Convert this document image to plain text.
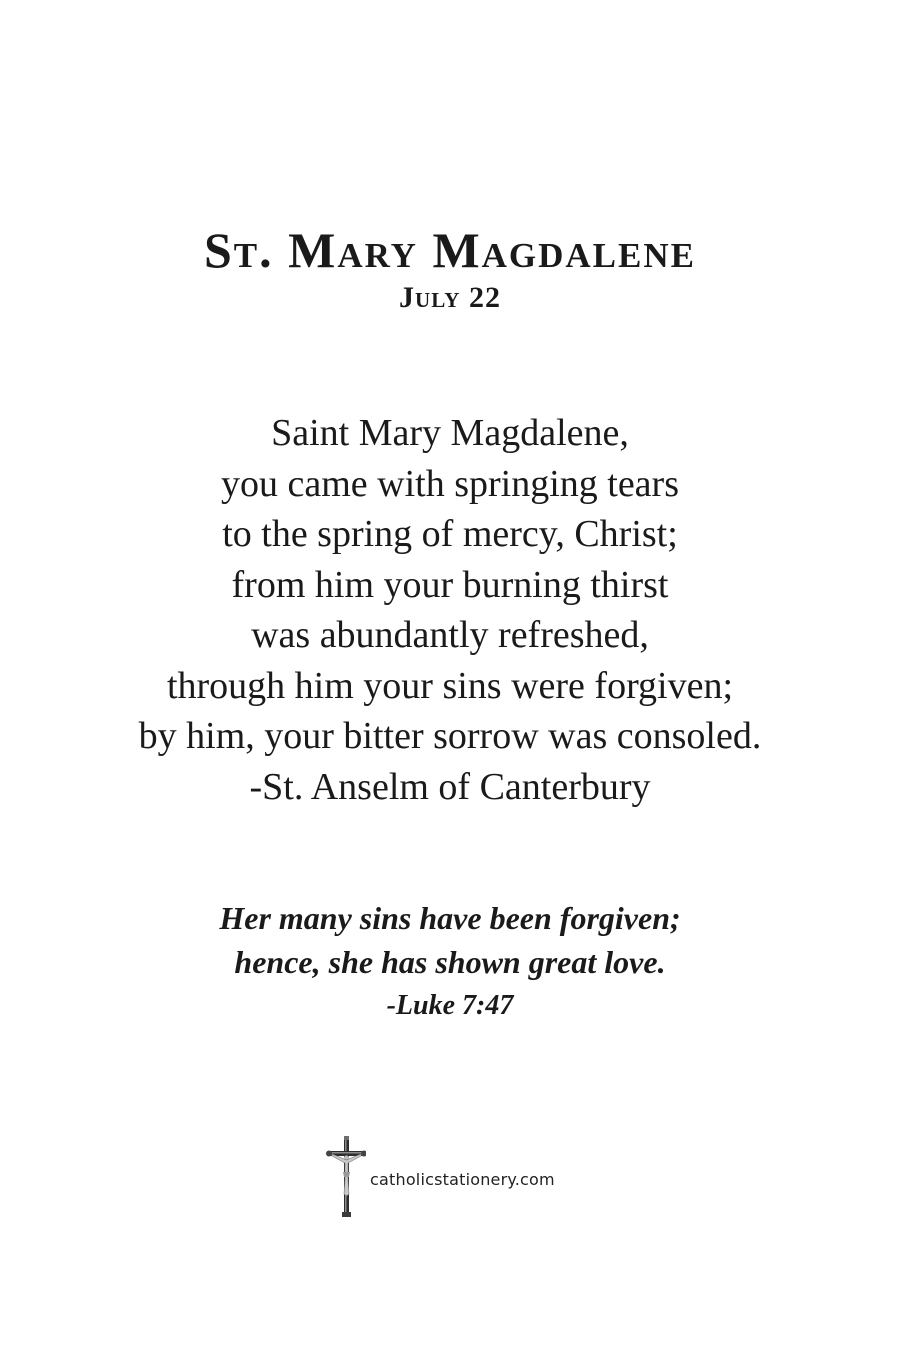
St. Mary Magdalene
July 22
Saint Mary Magdalene,
you came with springing tears
to the spring of mercy, Christ;
from him your burning thirst
was abundantly refreshed,
through him your sins were forgiven;
by him, your bitter sorrow was consoled.
-St. Anselm of Canterbury
Her many sins have been forgiven;
hence, she has shown great love.
-Luke 7:47
catholicstationery.com
